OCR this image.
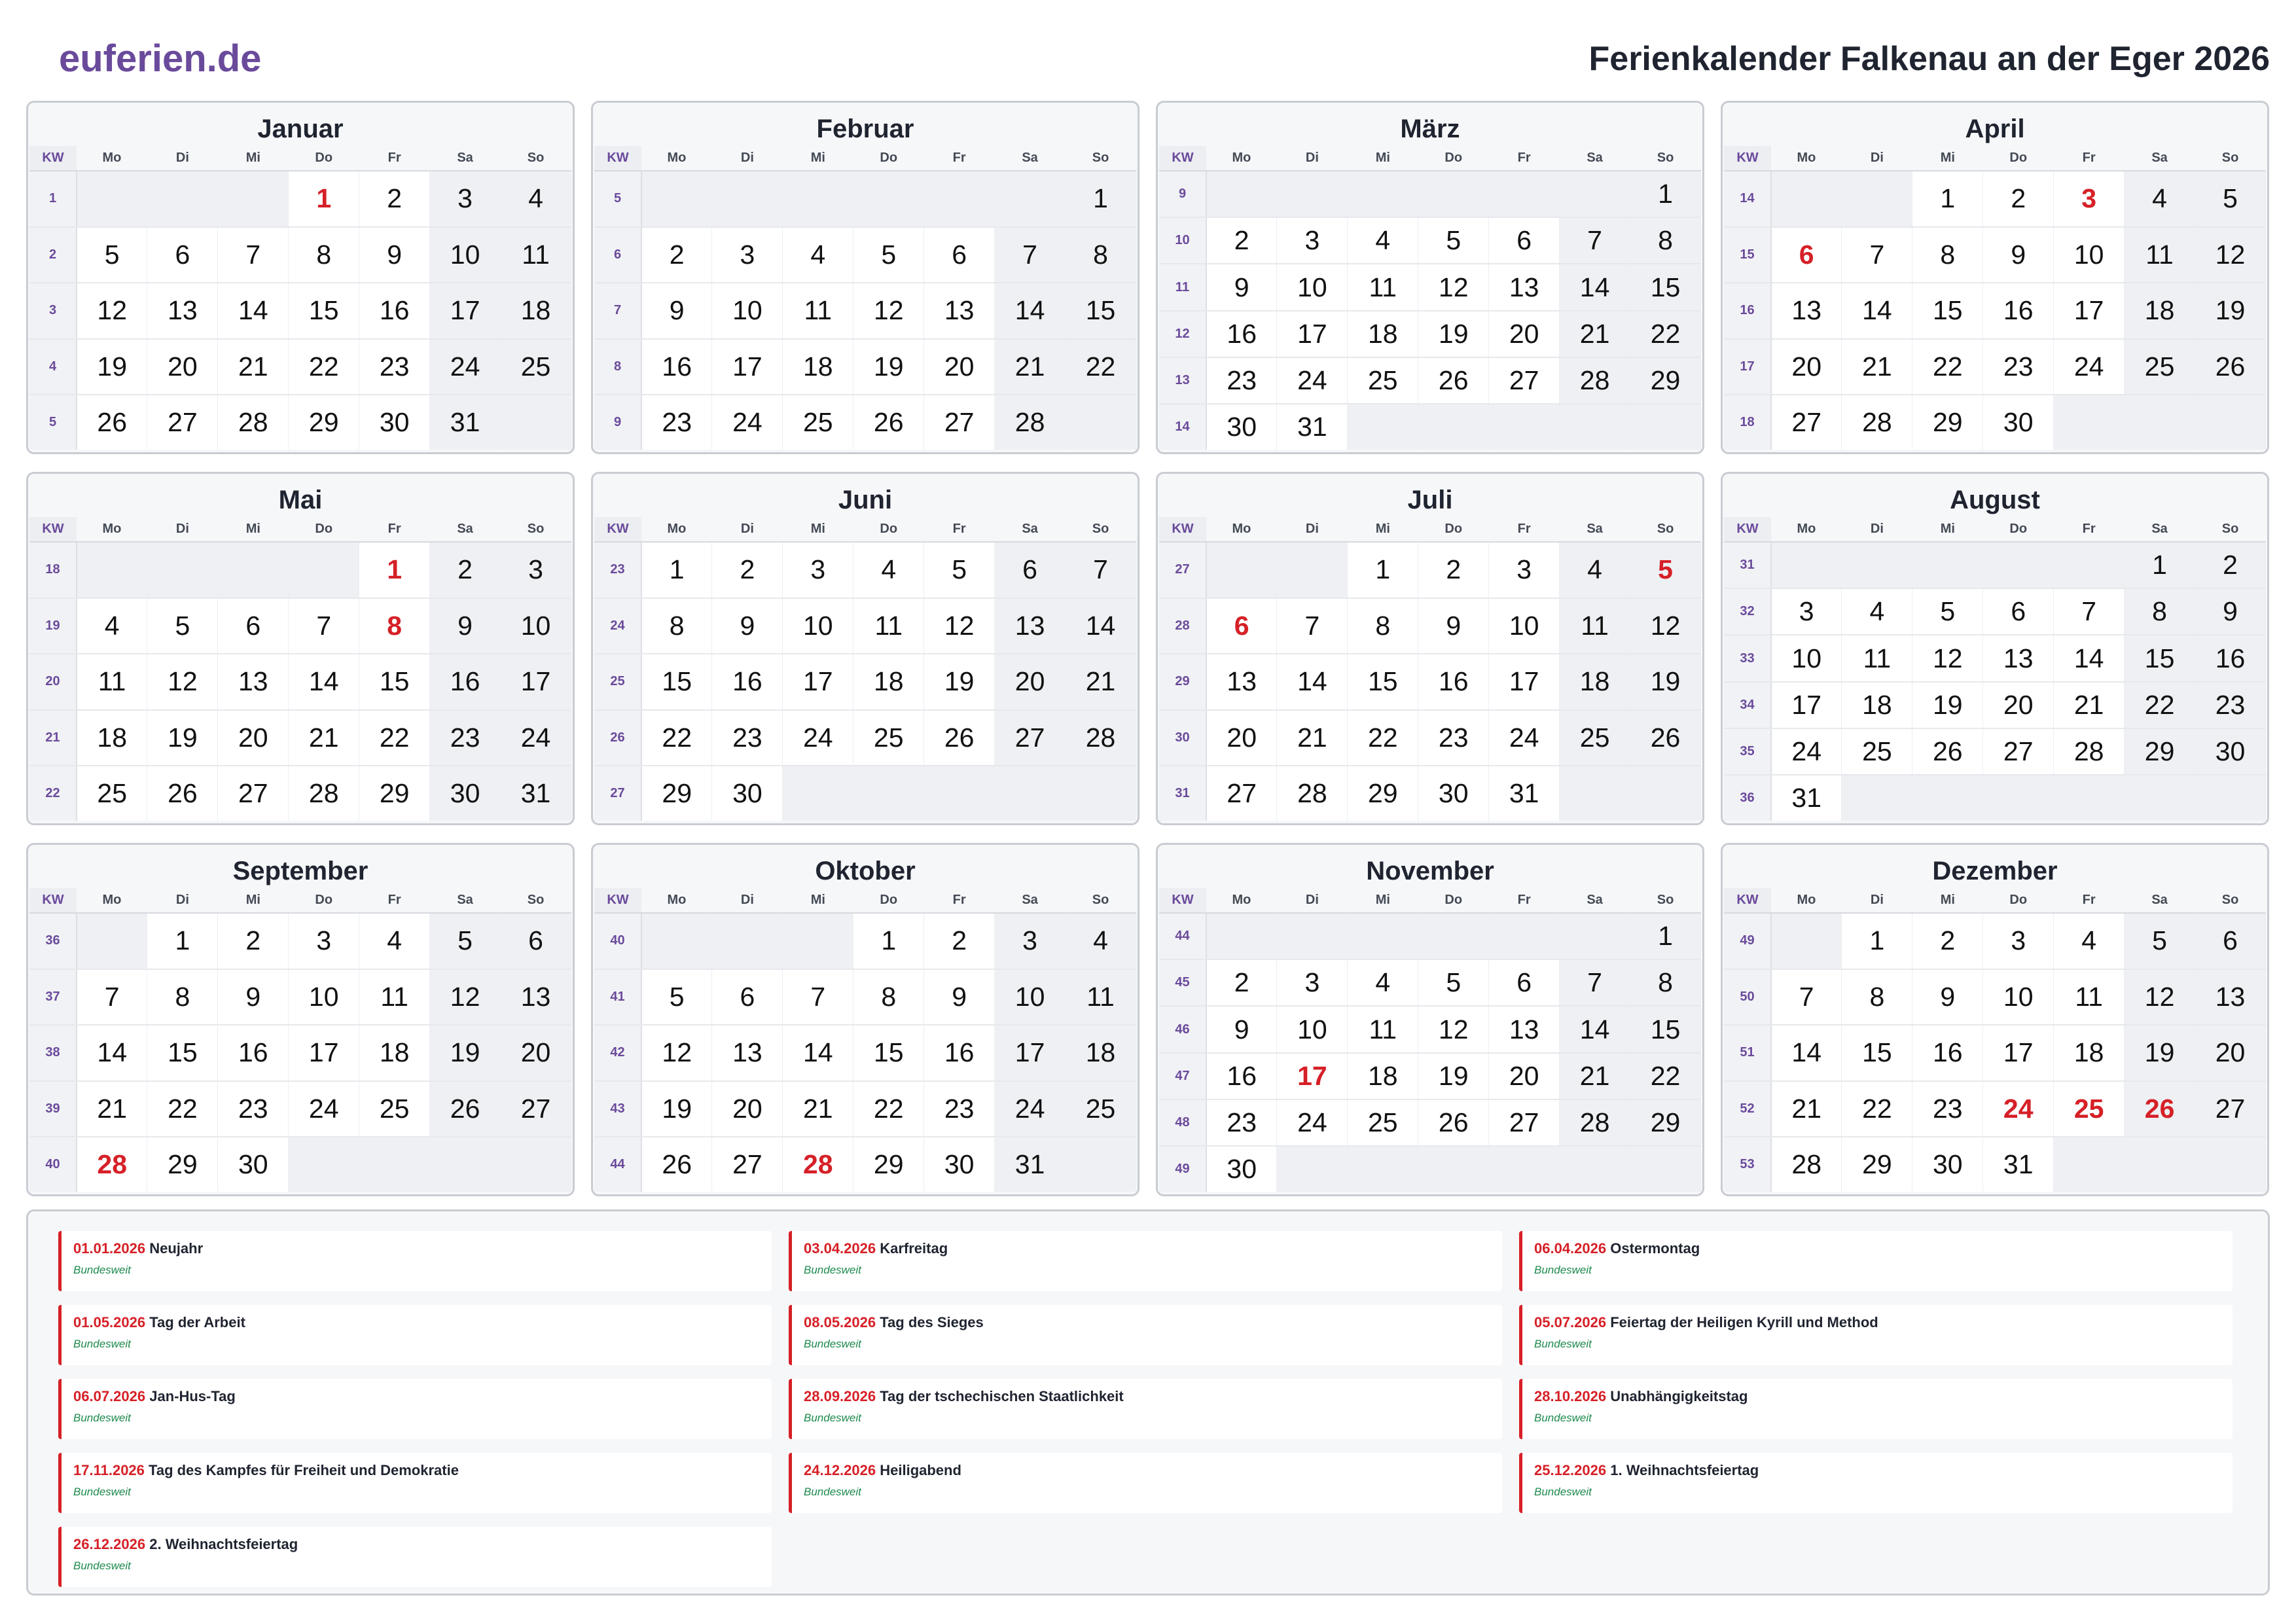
euferien.de	Ferienkalender Falkenau an der Eger 2026
Januar
KW	Mo	Di	Mi	Do	Fr	Sa	So
1				1	2	3	4
2	5	6	7	8	9	10	11
3	12	13	14	15	16	17	18
4	19	20	21	22	23	24	25
5	26	27	28	29	30	31	
Februar
KW	Mo	Di	Mi	Do	Fr	Sa	So
5							1
6	2	3	4	5	6	7	8
7	9	10	11	12	13	14	15
8	16	17	18	19	20	21	22
9	23	24	25	26	27	28	
März
KW	Mo	Di	Mi	Do	Fr	Sa	So
9							1
10	2	3	4	5	6	7	8
11	9	10	11	12	13	14	15
12	16	17	18	19	20	21	22
13	23	24	25	26	27	28	29
14	30	31					
April
KW	Mo	Di	Mi	Do	Fr	Sa	So
14			1	2	3	4	5
15	6	7	8	9	10	11	12
16	13	14	15	16	17	18	19
17	20	21	22	23	24	25	26
18	27	28	29	30			
Mai
KW	Mo	Di	Mi	Do	Fr	Sa	So
18					1	2	3
19	4	5	6	7	8	9	10
20	11	12	13	14	15	16	17
21	18	19	20	21	22	23	24
22	25	26	27	28	29	30	31
Juni
KW	Mo	Di	Mi	Do	Fr	Sa	So
23	1	2	3	4	5	6	7
24	8	9	10	11	12	13	14
25	15	16	17	18	19	20	21
26	22	23	24	25	26	27	28
27	29	30					
Juli
KW	Mo	Di	Mi	Do	Fr	Sa	So
27			1	2	3	4	5
28	6	7	8	9	10	11	12
29	13	14	15	16	17	18	19
30	20	21	22	23	24	25	26
31	27	28	29	30	31		
August
KW	Mo	Di	Mi	Do	Fr	Sa	So
31						1	2
32	3	4	5	6	7	8	9
33	10	11	12	13	14	15	16
34	17	18	19	20	21	22	23
35	24	25	26	27	28	29	30
36	31						
September
KW	Mo	Di	Mi	Do	Fr	Sa	So
36		1	2	3	4	5	6
37	7	8	9	10	11	12	13
38	14	15	16	17	18	19	20
39	21	22	23	24	25	26	27
40	28	29	30				
Oktober
KW	Mo	Di	Mi	Do	Fr	Sa	So
40				1	2	3	4
41	5	6	7	8	9	10	11
42	12	13	14	15	16	17	18
43	19	20	21	22	23	24	25
44	26	27	28	29	30	31	
November
KW	Mo	Di	Mi	Do	Fr	Sa	So
44							1
45	2	3	4	5	6	7	8
46	9	10	11	12	13	14	15
47	16	17	18	19	20	21	22
48	23	24	25	26	27	28	29
49	30						
Dezember
KW	Mo	Di	Mi	Do	Fr	Sa	So
49		1	2	3	4	5	6
50	7	8	9	10	11	12	13
51	14	15	16	17	18	19	20
52	21	22	23	24	25	26	27
53	28	29	30	31			
01.01.2026 Neujahr
Bundesweit
03.04.2026 Karfreitag
Bundesweit
06.04.2026 Ostermontag
Bundesweit
01.05.2026 Tag der Arbeit
Bundesweit
08.05.2026 Tag des Sieges
Bundesweit
05.07.2026 Feiertag der Heiligen Kyrill und Method
Bundesweit
06.07.2026 Jan-Hus-Tag
Bundesweit
28.09.2026 Tag der tschechischen Staatlichkeit
Bundesweit
28.10.2026 Unabhängigkeitstag
Bundesweit
17.11.2026 Tag des Kampfes für Freiheit und Demokratie
Bundesweit
24.12.2026 Heiligabend
Bundesweit
25.12.2026 1. Weihnachtsfeiertag
Bundesweit
26.12.2026 2. Weihnachtsfeiertag
Bundesweit
